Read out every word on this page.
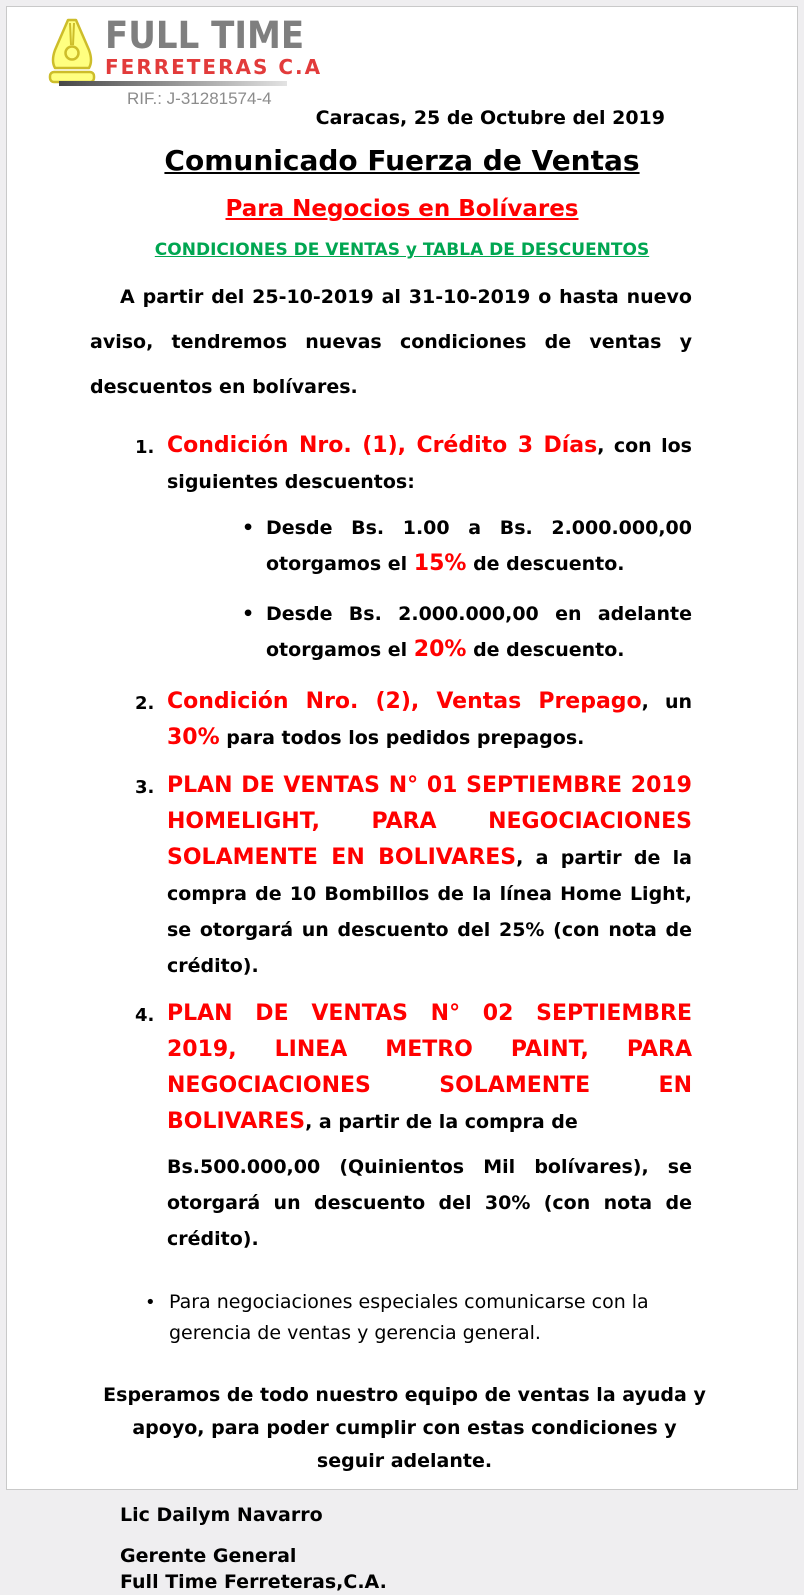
FULL TIME
FERRETERAS C.A
RIF.: J-31281574-4
Caracas, 25 de Octubre del 2019
Comunicado Fuerza de Ventas
Para Negocios en Bolívares
CONDICIONES DE VENTAS y TABLA DE DESCUENTOS

A partir del 25-10-2019 al 31-10-2019 o hasta nuevo aviso, tendremos nuevas condiciones de ventas y descuentos en bolívares.

1. Condición Nro. (1), Crédito 3 Días, con los siguientes descuentos:
• Desde Bs. 1.00 a Bs. 2.000.000,00 otorgamos el 15% de descuento.
• Desde Bs. 2.000.000,00 en adelante otorgamos el 20% de descuento.
2. Condición Nro. (2), Ventas Prepago, un 30% para todos los pedidos prepagos.
3. PLAN DE VENTAS N° 01 SEPTIEMBRE 2019 HOMELIGHT, PARA NEGOCIACIONES SOLAMENTE EN BOLIVARES, a partir de la compra de 10 Bombillos de la línea Home Light, se otorgará un descuento del 25% (con nota de crédito).
4. PLAN DE VENTAS N° 02 SEPTIEMBRE 2019, LINEA METRO PAINT, PARA NEGOCIACIONES SOLAMENTE EN BOLIVARES, a partir de la compra de
Bs.500.000,00 (Quinientos Mil bolívares), se otorgará un descuento del 30% (con nota de crédito).
• Para negociaciones especiales comunicarse con la gerencia de ventas y gerencia general.
Esperamos de todo nuestro equipo de ventas la ayuda y apoyo, para poder cumplir con estas condiciones y seguir adelante.
Lic Dailym Navarro
Gerente General
Full Time Ferreteras,C.A.
